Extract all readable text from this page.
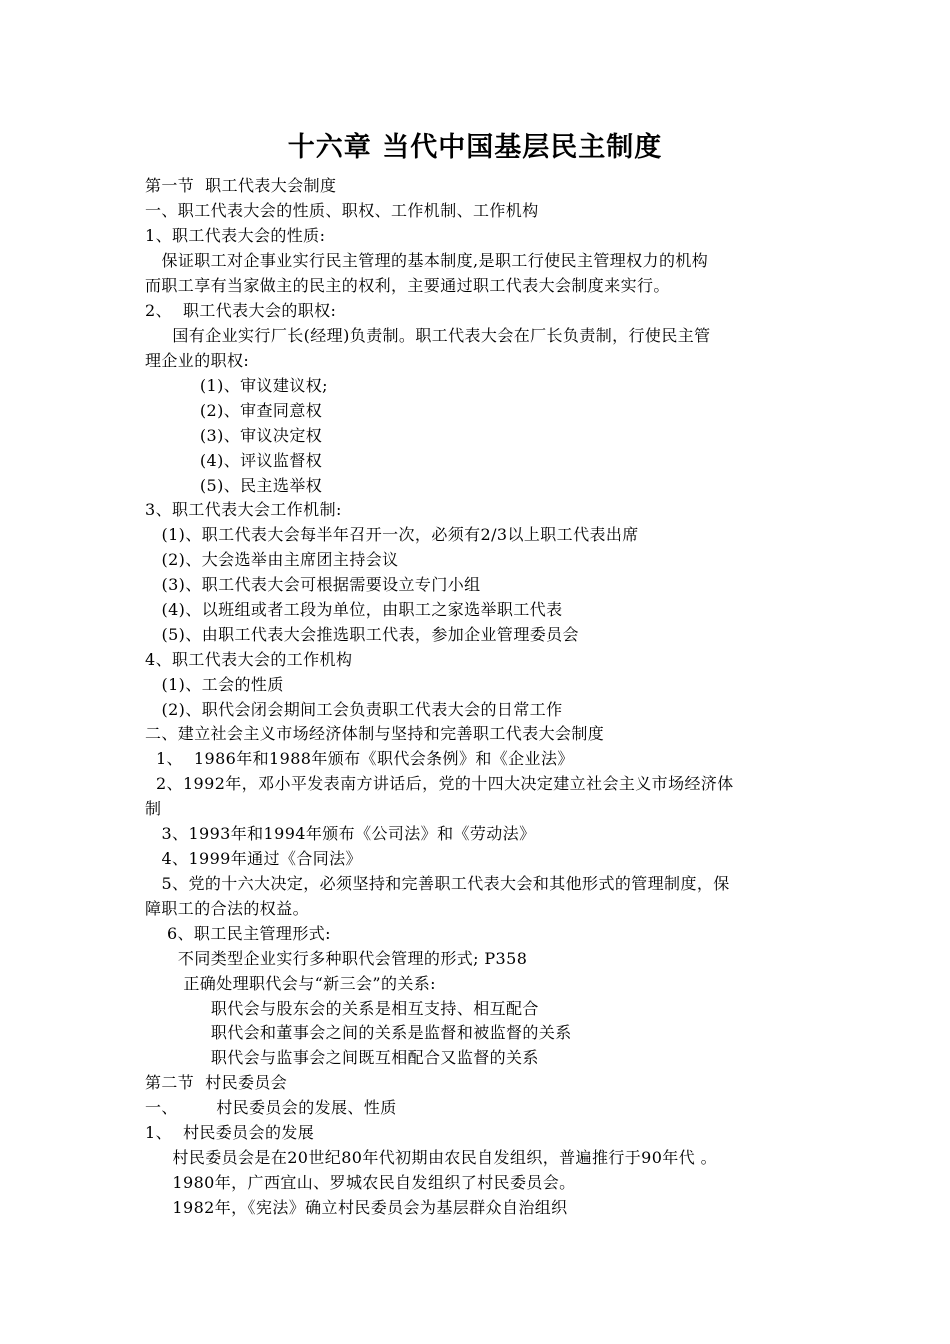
十六章 当代中国基层民主制度
第一节  职工代表大会制度
一、职工代表大会的性质、职权、工作机制、工作机构
1、职工代表大会的性质:
保证职工对企事业实行民主管理的基本制度,是职工行使民主管理权力的机构
而职工享有当家做主的民主的权利，主要通过职工代表大会制度来实行。
2、  职工代表大会的职权:
国有企业实行厂长(经理)负责制。职工代表大会在厂长负责制，行使民主管
理企业的职权:
(1)、审议建议权;
(2)、审查同意权
(3)、审议决定权
(4)、评议监督权
(5)、民主选举权
3、职工代表大会工作机制:
(1)、职工代表大会每半年召开一次，必须有2/3以上职工代表出席
(2)、大会选举由主席团主持会议
(3)、职工代表大会可根据需要设立专门小组
(4)、以班组或者工段为单位，由职工之家选举职工代表
(5)、由职工代表大会推选职工代表，参加企业管理委员会
4、职工代表大会的工作机构
(1)、工会的性质
(2)、职代会闭会期间工会负责职工代表大会的日常工作
二、建立社会主义市场经济体制与坚持和完善职工代表大会制度
1、  1986年和1988年颁布《职代会条例》和《企业法》
2、1992年，邓小平发表南方讲话后，党的十四大决定建立社会主义市场经济体
制
3、1993年和1994年颁布《公司法》和《劳动法》
4、1999年通过《合同法》
5、党的十六大决定，必须坚持和完善职工代表大会和其他形式的管理制度，保
障职工的合法的权益。
6、职工民主管理形式:
不同类型企业实行多种职代会管理的形式; P358
正确处理职代会与“新三会”的关系:
职代会与股东会的关系是相互支持、相互配合
职代会和董事会之间的关系是监督和被监督的关系
职代会与监事会之间既互相配合又监督的关系
第二节  村民委员会
一、       村民委员会的发展、性质
1、  村民委员会的发展
村民委员会是在20世纪80年代初期由农民自发组织，普遍推行于90年代 。
1980年，广西宜山、罗城农民自发组织了村民委员会。
1982年，《宪法》确立村民委员会为基层群众自治组织
